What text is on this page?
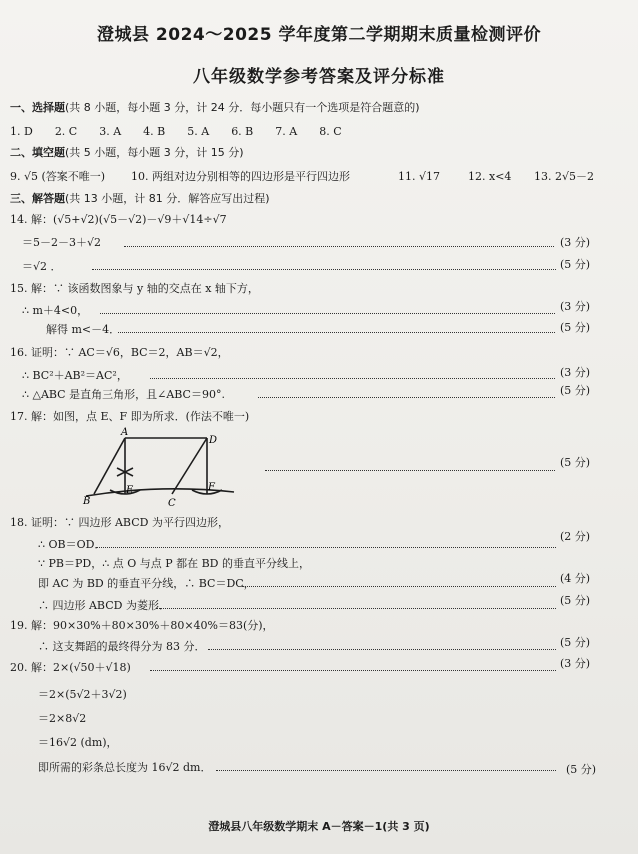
澄城县 2024～2025 学年度第二学期期末质量检测评价
八年级数学参考答案及评分标准
一、选择题(共 8 小题，每小题 3 分，计 24 分．每小题只有一个选项是符合题意的)
1. D 2. C 3. A 4. B 5. A 6. B 7. A 8. C
二、填空题(共 5 小题，每小题 3 分，计 15 分)
9. √5 (答案不唯一) 10. 两组对边分别相等的四边形是平行四边形	11. √17	12. x<4 13. 2√5－2
三、解答题(共 13 小题，计 81 分．解答应写出过程)
14. 解：(√5+√2)(√5－√2)－√9＋√14÷√7
＝5－2－3＋√2	(3 分)
＝√2 ．	(5 分)
15. 解：∵ 该函数图象与 y 轴的交点在 x 轴下方，
∴ m＋4<0，	(3 分)
解得 m<－4．	(5 分)
16. 证明：∵ AC＝√6，BC＝2，AB＝√2，
∴ BC²＋AB²＝AC²，	(3 分)
∴ △ABC 是直角三角形，且∠ABC＝90°.	(5 分)
17. 解：如图，点 E、F 即为所求．(作法不唯一)
A
D
B
E
C
F
(5 分)
18. 证明：∵ 四边形 ABCD 为平行四边形，
∴ OB＝OD．
(2 分)
∵ PB＝PD，∴ 点 O 与点 P 都在 BD 的垂直平分线上，
即 AC 为 BD 的垂直平分线，∴ BC＝DC，	(4 分)
∴ 四边形 ABCD 为菱形．	(5 分)
19. 解：90×30%＋80×30%＋80×40%＝83(分)，
∴ 这支舞蹈的最终得分为 83 分．	(5 分)
20. 解：2×(√50＋√18)	(3 分)
＝2×(5√2＋3√2)
＝2×8√2
＝16√2 (dm)，
即所需的彩条总长度为 16√2 dm．	(5 分)
澄城县八年级数学期末 A－答案－1(共 3 页)
